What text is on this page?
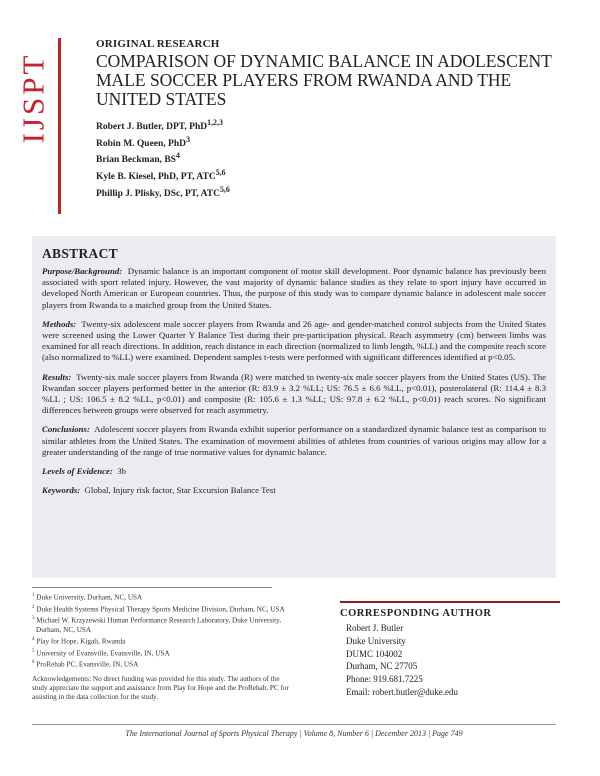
IJSPT
ORIGINAL RESEARCH
COMPARISON OF DYNAMIC BALANCE IN ADOLESCENT MALE SOCCER PLAYERS FROM RWANDA AND THE UNITED STATES
Robert J. Butler, DPT, PhD$^{1,2,3}$
Robin M. Queen, PhD$^3$
Brian Beckman, $BS^4$
Kyle B. Kiesel, PhD, PT, ATC$^{5,6}$
Phillip J. Plisky, DSc, PT, ATC$^{5,6}$
ABSTRACT

Purpose/Background: Dynamic balance is an important component of motor skill development. Poor dynamic balance has previously been associated with sport related injury. However, the vast majority of dynamic balance studies as they relate to sport injury have occurred in developed North American or European countries. Thus, the purpose of this study was to compare dynamic balance in adolescent male soccer players from Rwanda to a matched group from the United States.

Methods: Twenty-six adolescent male soccer players from Rwanda and 26 age- and gender-matched control subjects from the United States were screened using the Lower Quarter Y Balance Test during their pre-participation physical. Reach asymmetry (cm) between limbs was examined for all reach directions. In addition, reach distance in each direction (normalized to limb length, %LL) and the composite reach score (also normalized to %LL) were examined. Dependent samples t-tests were performed with significant differences identified at p<0.05.

Results: Twenty-six male soccer players from Rwanda (R) were matched to twenty-six male soccer players from the United States (US). The Rwandan soccer players performed better in the anterior (R: 83.9 ± 3.2 %LL; US: 76.5 ± 6.6 %LL, p<0.01), posterolateral (R: 114.4 ± 8.3 %LL ; US: 106.5 ± 8.2 %LL, p<0.01) and composite (R: 105.6 ± 1.3 %LL; US: 97.8 ± 6.2 %LL, p<0.01) reach scores. No significant differences between groups were observed for reach asymmetry.

Conclusions: Adolescent soccer players from Rwanda exhibit superior performance on a standardized dynamic balance test as comparison to similar athletes from the United States. The examination of movement abilities of athletes from countries of various origins may allow for a greater understanding of the range of true normative values for dynamic balance.

Levels of Evidence: 3b

Keywords: Global, Injury risk factor, Star Excursion Balance Test

$^1$ Duke University, Durham, NC, USA
$^2$ Duke Health Systems Physical Therapy Sports Medicine Division, Durham, NC, USA
$^3$ Michael W. Krzyzewski Human Performance Research Laboratory, Duke University, Durham, NC, USA
$^4$ Play for Hope, Kigali, Rwanda
$^5$ University of Evansville, Evansville, IN, USA
$^6$ ProRehab PC, Evansville, IN, USA
Acknowledgements: No direct funding was provided for this study. The authors of the study appreciate the support and assistance from Play for Hope and the ProRehab, PC for assisting in the data collection for the study.
CORRESPONDING AUTHOR
Robert J. Butler
Duke University
DUMC 104002
Durham, NC 27705
Phone: 919.681.7225
Email: robert.butler@duke.edu
The International Journal of Sports Physical Therapy | Volume 8, Number 6 | December 2013 | Page 749
